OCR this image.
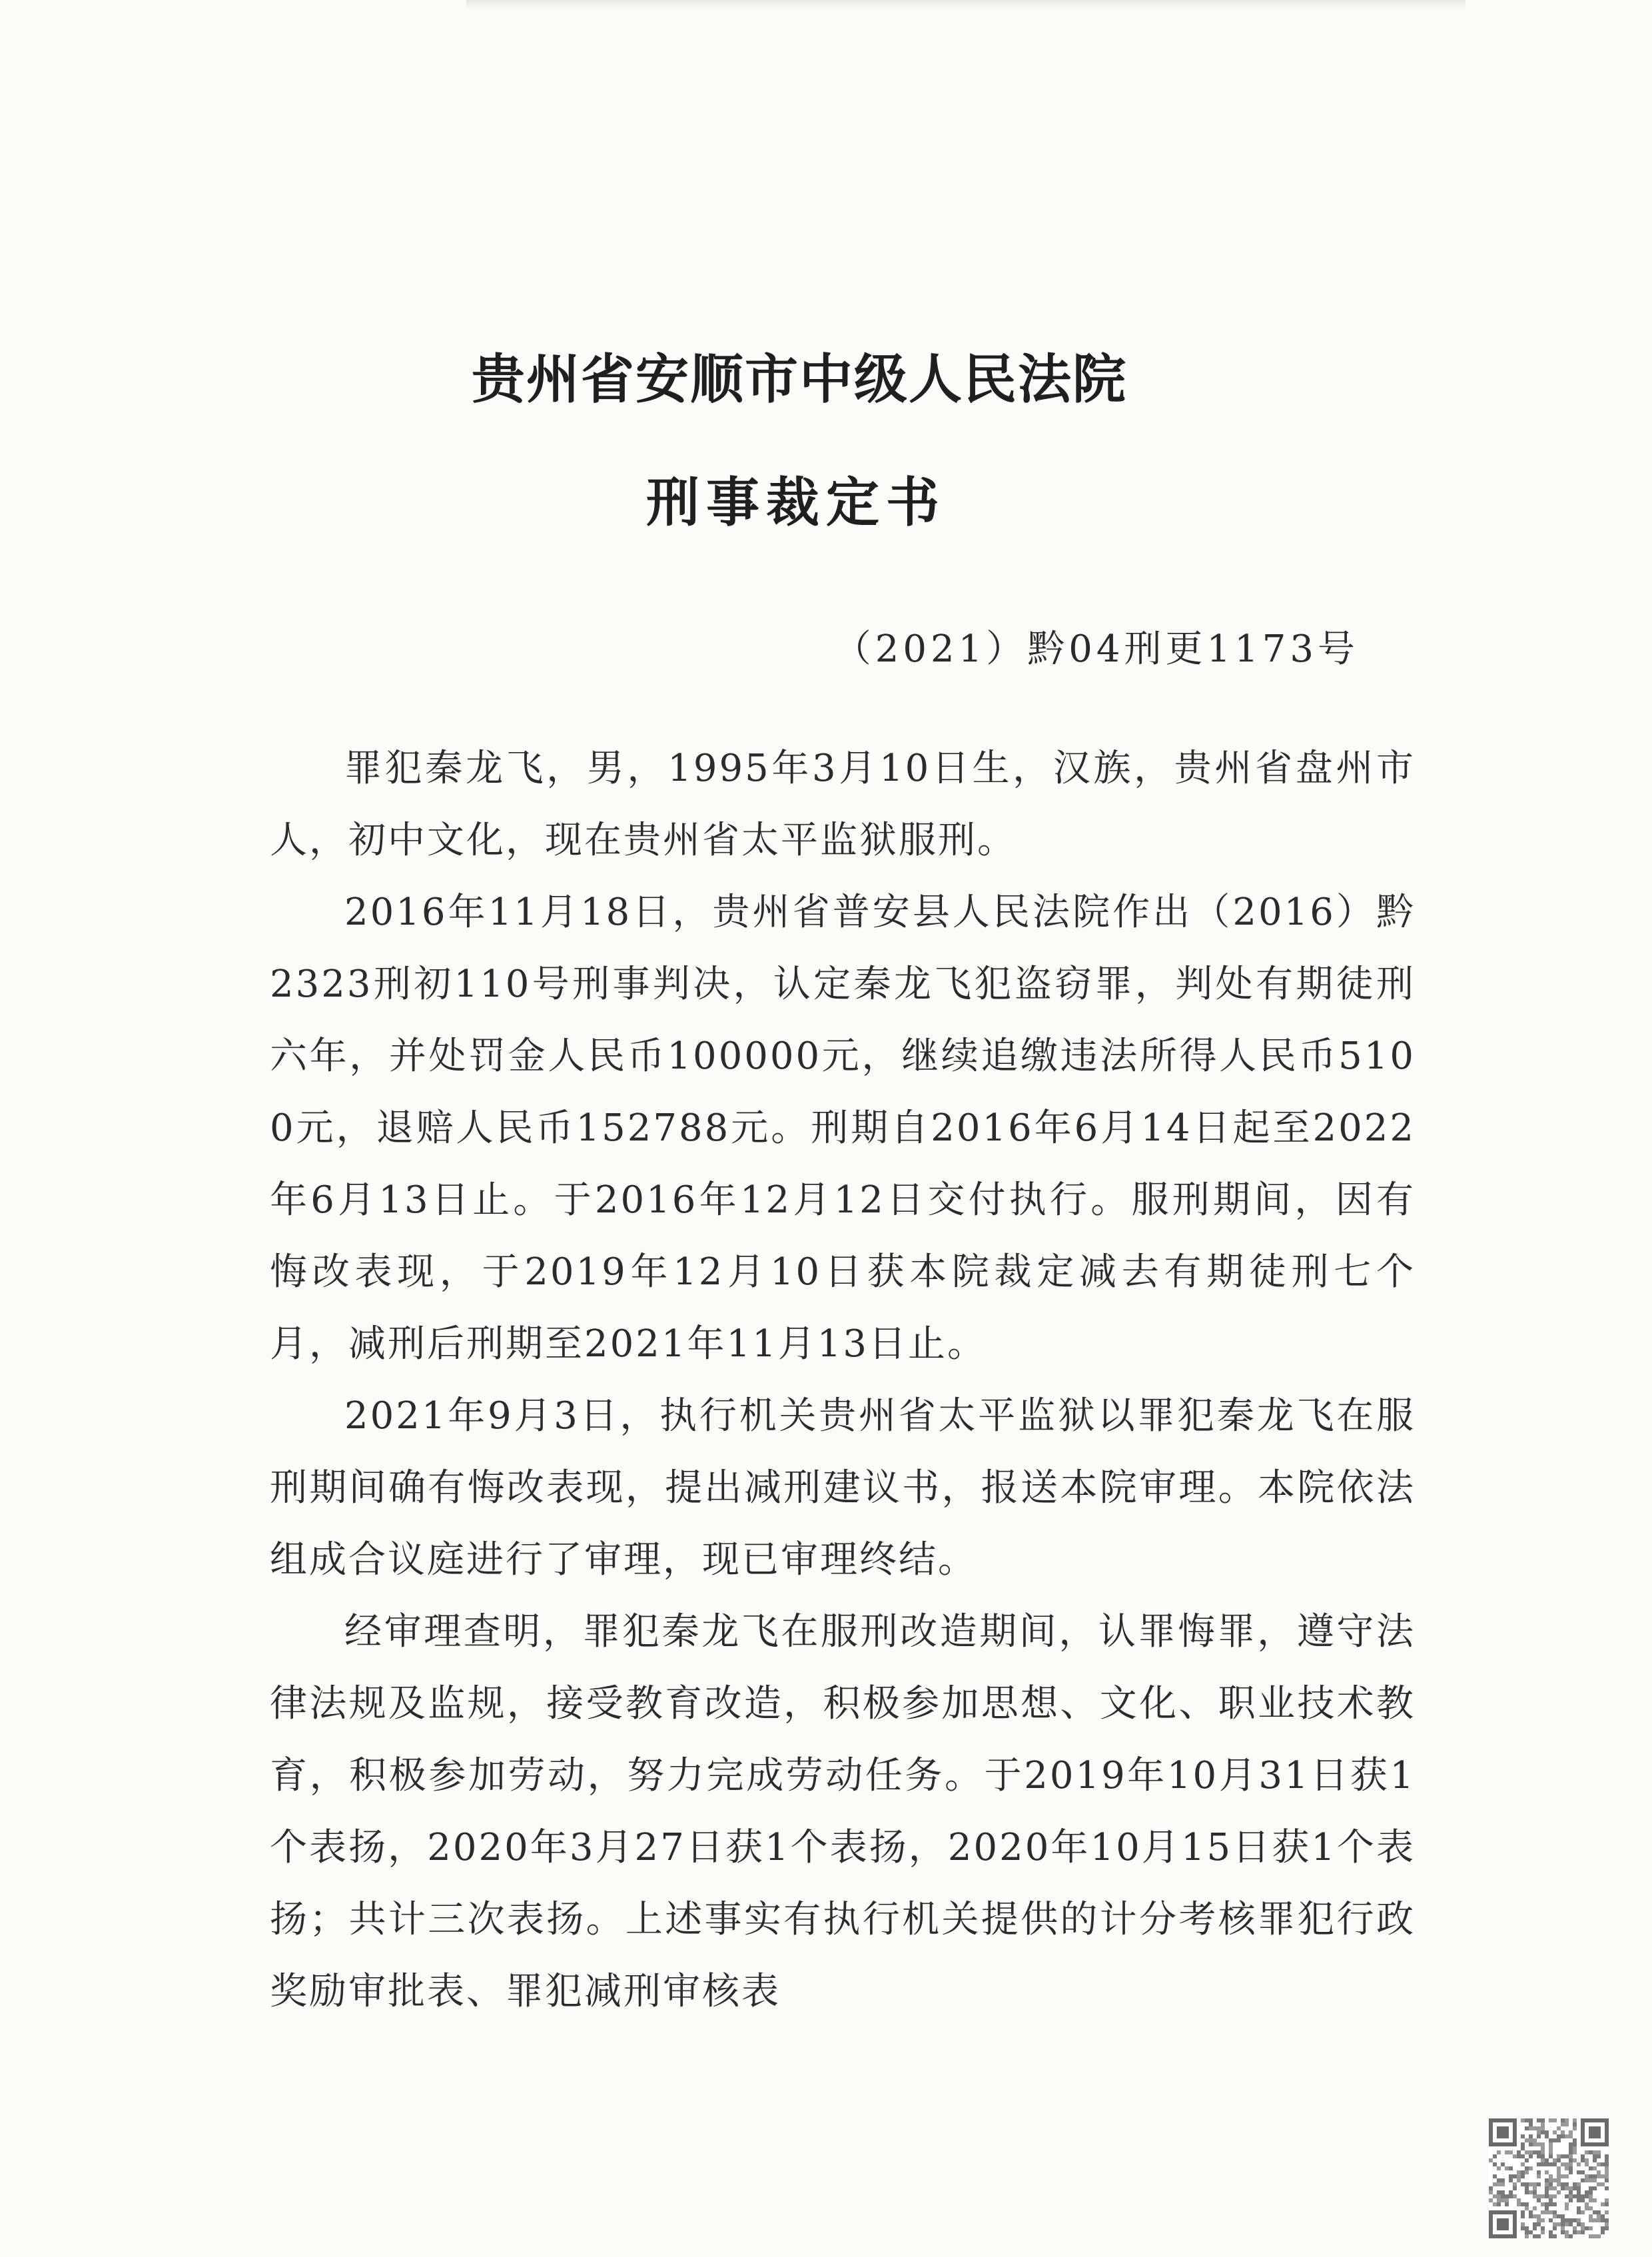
贵州省安顺市中级人民法院
刑事裁定书
（2021）黔04刑更1173号

罪犯秦龙飞，男，1995年3月10日生，汉族，贵州省盘州市人，初中文化，现在贵州省太平监狱服刑。

2016年11月18日，贵州省普安县人民法院作出（2016）黔2323刑初110号刑事判决，认定秦龙飞犯盗窃罪，判处有期徒刑六年，并处罚金人民币100000元，继续追缴违法所得人民币5100元，退赔人民币152788元。刑期自2016年6月14日起至2022年6月13日止。于2016年12月12日交付执行。服刑期间，因有悔改表现，于2019年12月10日获本院裁定减去有期徒刑七个月，减刑后刑期至2021年11月13日止。

2021年9月3日，执行机关贵州省太平监狱以罪犯秦龙飞在服刑期间确有悔改表现，提出减刑建议书，报送本院审理。本院依法组成合议庭进行了审理，现已审理终结。

经审理查明，罪犯秦龙飞在服刑改造期间，认罪悔罪，遵守法律法规及监规，接受教育改造，积极参加思想、文化、职业技术教育，积极参加劳动，努力完成劳动任务。于2019年10月31日获1个表扬，2020年3月27日获1个表扬，2020年10月15日获1个表扬；共计三次表扬。上述事实有执行机关提供的计分考核罪犯行政奖励审批表、罪犯减刑审核表
